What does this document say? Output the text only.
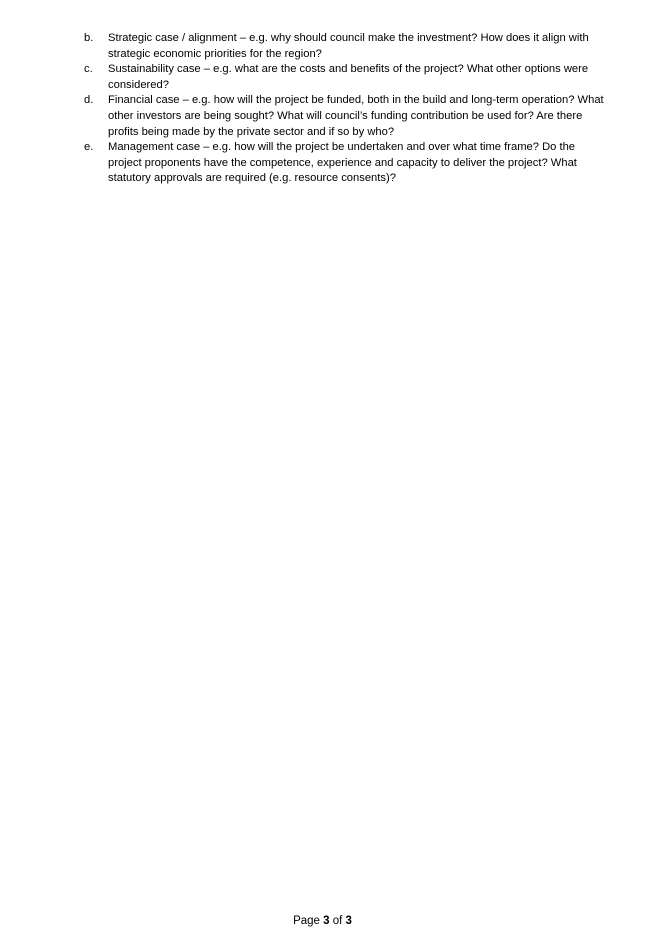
b.	Strategic case / alignment – e.g. why should council make the investment? How does it align with strategic economic priorities for the region?
c.	Sustainability case – e.g. what are the costs and benefits of the project? What other options were considered?
d.	Financial case – e.g. how will the project be funded, both in the build and long-term operation? What other investors are being sought? What will council’s funding contribution be used for? Are there profits being made by the private sector and if so by who?
e.	Management case – e.g. how will the project be undertaken and over what time frame? Do the project proponents have the competence, experience and capacity to deliver the project? What statutory approvals are required (e.g. resource consents)?
Page 3 of 3
